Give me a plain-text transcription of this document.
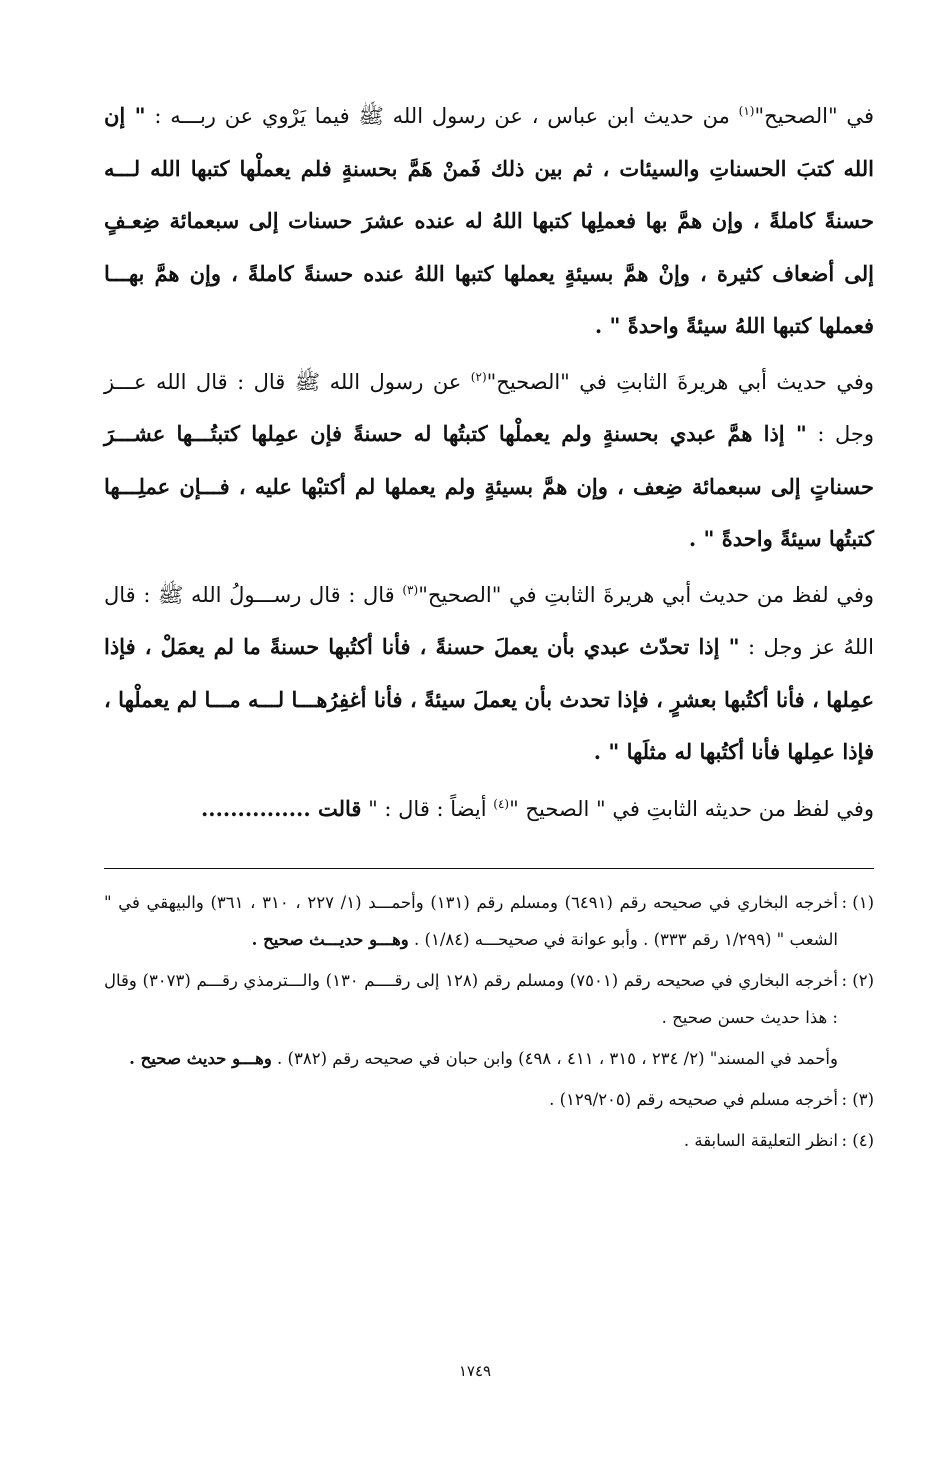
في "الصحيح"$^{(١)}$ من حديث ابن عباس ، عن رسول الله ﷺ فيما يَرْوي عن ربـــه : " إن الله كتبَ الحسناتِ والسيئات ، ثم بين ذلك فَمنْ هَمَّ بحسنةٍ فلم يعملْها كتبها الله لـــه حسنةً كاملةً ، وإن همَّ بها فعملِها كتبها اللهُ له عنده عشرَ حسنات إلى سبعمائة ضِعـفٍ إلى أضعاف كثيرة ، وإنْ همَّ بسيئةٍ يعملها كتبها اللهُ عنده حسنةً كاملةً ، وإن همَّ بهـــا فعملها كتبها اللهُ سيئةً واحدةً " .

وفي حديث أبي هريرةَ الثابتِ في "الصحيح"$^{(٢)}$ عن رسول الله ﷺ قال : قال الله عـــز وجل : " إذا همَّ عبدي بحسنةٍ ولم يعملْها كتبتُها له حسنةً فإن عمِلها كتبتُـــها عشـــرَ حسناتٍ إلى سبعمائة ضِعف ، وإن همَّ بسيئةٍ ولم يعملها لم أكتبْها عليه ، فـــإن عملِـــها كتبتُها سيئةً واحدةً " .

وفي لفظ من حديث أبي هريرةَ الثابتِ في "الصحيح"$^{(٣)}$ قال : قال رســـولُ الله ﷺ : قال اللهُ عز وجل : " إذا تحدّث عبدي بأن يعملَ حسنةً ، فأنا أكتُبها حسنةً ما لم يعمَلْ ، فإذا عمِلها ، فأنا أكتُبها بعشرٍ ، فإذا تحدث بأن يعملَ سيئةً ، فأنا أغفِرُهـــا لـــه مـــا لم يعملْها ، فإذا عمِلها فأنا أكتُبها له مثلَها " .

وفي لفظ من حديثه الثابتِ في " الصحيح "$^{(٤)}$ أيضاً : قال : " قالت ...............

(١) :
أخرجه البخاري في صحيحه رقم (٦٤٩١) ومسلم رقم (١٣١) وأحمـــد (١/ ٢٢٧ ، ٣١٠ ، ٣٦١) والبيهقي في " الشعب " (١/٢٩٩ رقم ٣٣٣) . وأبو عوانة في صحيحـــه (١/٨٤) . وهـــو حديـــث صحيح .

(٢) :
أخرجه البخاري في صحيحه رقم (٧٥٠١) ومسلم رقم (١٢٨ إلى رقــــم ١٣٠) والـــترمذي رقـــم (٣٠٧٣) وقال : هذا حديث حسن صحيح .

وأحمد في المسند" (٢/ ٢٣٤ ، ٣١٥ ، ٤١١ ، ٤٩٨) وابن حبان في صحيحه رقم (٣٨٢) . وهـــو حديث صحيح .

(٣) :
أخرجه مسلم في صحيحه رقم (١٢٩/٢٠٥) .

(٤) :
انظر التعليقة السابقة .

١٧٤٩
